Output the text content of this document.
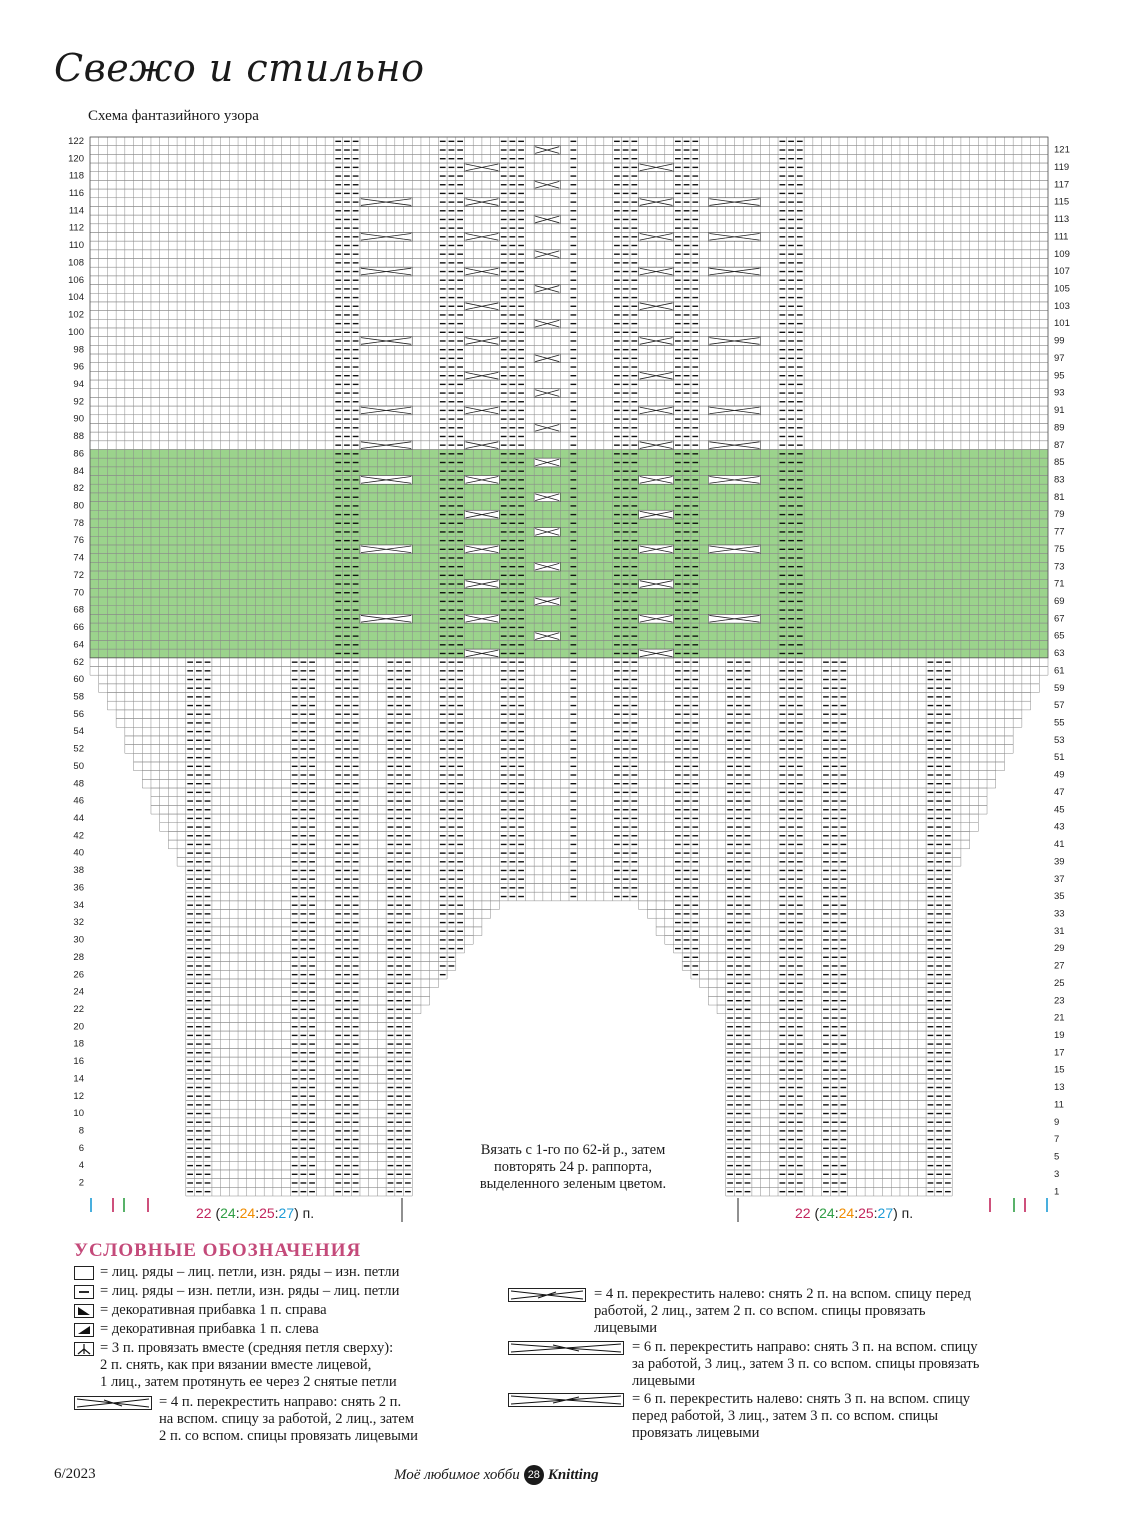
Свежо и стильно
Схема фантазийного узора
122
120
118
116
114
112
110
108
106
104
102
100
98
96
94
92
90
88
86
84
82
80
78
76
74
72
70
68
66
64
62
60
58
56
54
52
50
48
46
44
42
40
38
36
34
32
30
28
26
24
22
20
18
16
14
12
10
8
6
4
2
121
119
117
115
113
111
109
107
105
103
101
99
97
95
93
91
89
87
85
83
81
79
77
75
73
71
69
67
65
63
61
59
57
55
53
51
49
47
45
43
41
39
37
35
33
31
29
27
25
23
21
19
17
15
13
11
9
7
5
3
1
22 (24:24:25:27) п.	22 (24:24:25:27) п.
Вязать с 1-го по 62-й р., затем
повторять 24 р. раппорта,
выделенного зеленым цветом.
УСЛОВНЫЕ ОБОЗНАЧЕНИЯ
= лиц. ряды – лиц. петли, изн. ряды – изн. петли
= лиц. ряды – изн. петли, изн. ряды – лиц. петли
= декоративная прибавка 1 п. справа
= декоративная прибавка 1 п. слева
= 3 п. провязать вместе (средняя петля сверху):
2 п. снять, как при вязании вместе лицевой,
1 лиц., затем протянуть ее через 2 снятые петли
= 4 п. перекрестить направо: снять 2 п.
на вспом. спицу за работой, 2 лиц., затем
2 п. со вспом. спицы провязать лицевыми
= 4 п. перекрестить налево: снять 2 п. на вспом. спицу перед
работой, 2 лиц., затем 2 п. со вспом. спицы провязать
лицевыми
= 6 п. перекрестить направо: снять 3 п. на вспом. спицу
за работой, 3 лиц., затем 3 п. со вспом. спицы провязать
лицевыми
= 6 п. перекрестить налево: снять 3 п. на вспом. спицу
перед работой, 3 лиц., затем 3 п. со вспом. спицы
провязать лицевыми
6/2023	Моё любимое хобби 28 Knitting
